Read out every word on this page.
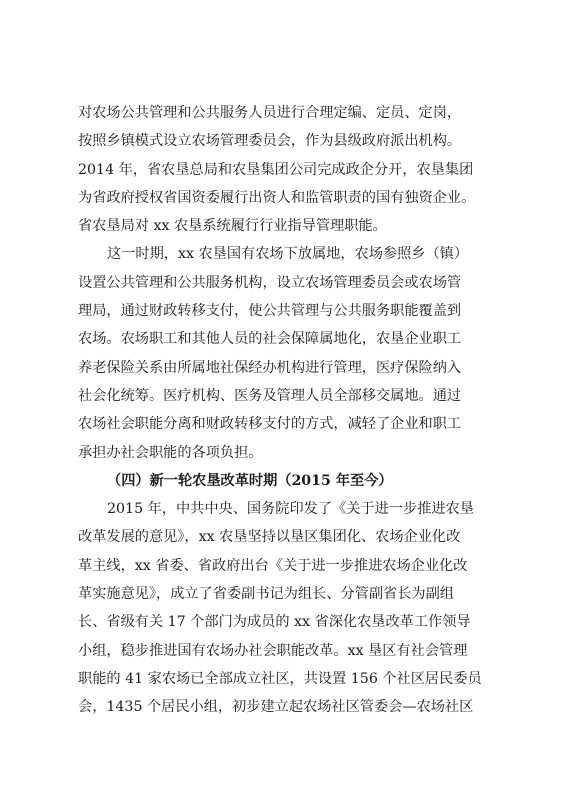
对农场公共管理和公共服务人员进行合理定编、定员、定岗，
按照乡镇模式设立农场管理委员会，作为县级政府派出机构。
2014 年，省农垦总局和农垦集团公司完成政企分开，农垦集团
为省政府授权省国资委履行出资人和监管职责的国有独资企业。
省农垦局对 xx 农垦系统履行行业指导管理职能。
这一时期，xx 农垦国有农场下放属地，农场参照乡（镇）
设置公共管理和公共服务机构，设立农场管理委员会或农场管
理局，通过财政转移支付，使公共管理与公共服务职能覆盖到
农场。农场职工和其他人员的社会保障属地化，农垦企业职工
养老保险关系由所属地社保经办机构进行管理，医疗保险纳入
社会化统筹。医疗机构、医务及管理人员全部移交属地。通过
农场社会职能分离和财政转移支付的方式，减轻了企业和职工
承担办社会职能的各项负担。
（四）新一轮农垦改革时期（2015 年至今）
2015 年，中共中央、国务院印发了《关于进一步推进农垦
改革发展的意见》，xx 农垦坚持以垦区集团化、农场企业化改
革主线，xx 省委、省政府出台《关于进一步推进农场企业化改
革实施意见》，成立了省委副书记为组长、分管副省长为副组
长、省级有关 17 个部门为成员的 xx 省深化农垦改革工作领导
小组，稳步推进国有农场办社会职能改革。xx 垦区有社会管理
职能的 41 家农场已全部成立社区，共设置 156 个社区居民委员
会，1435 个居民小组，初步建立起农场社区管委会—农场社区
